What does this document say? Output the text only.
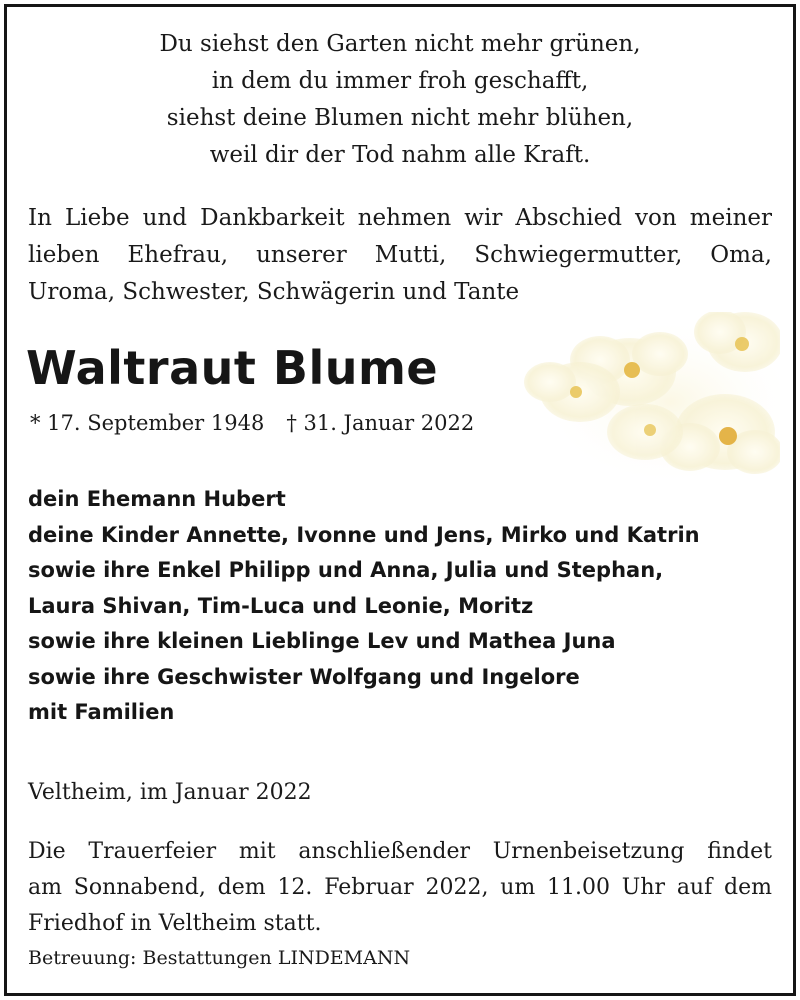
Du siehst den Garten nicht mehr grünen,
in dem du immer froh geschafft,
siehst deine Blumen nicht mehr blühen,
weil dir der Tod nahm alle Kraft.
In Liebe und Dankbarkeit nehmen wir Abschied von meiner
lieben Ehefrau, unserer Mutti, Schwiegermutter, Oma,
Uroma, Schwester, Schwägerin und Tante
Waltraut Blume
* 17. September 1948 † 31. Januar 2022
dein Ehemann Hubert
deine Kinder Annette, Ivonne und Jens, Mirko und Katrin
sowie ihre Enkel Philipp und Anna, Julia und Stephan,
Laura Shivan, Tim-Luca und Leonie, Moritz
sowie ihre kleinen Lieblinge Lev und Mathea Juna
sowie ihre Geschwister Wolfgang und Ingelore
mit Familien
Veltheim, im Januar 2022
Die Trauerfeier mit anschließender Urnenbeisetzung findet
am Sonnabend, dem 12. Februar 2022, um 11.00 Uhr auf dem
Friedhof in Veltheim statt.
Betreuung: Bestattungen LINDEMANN
